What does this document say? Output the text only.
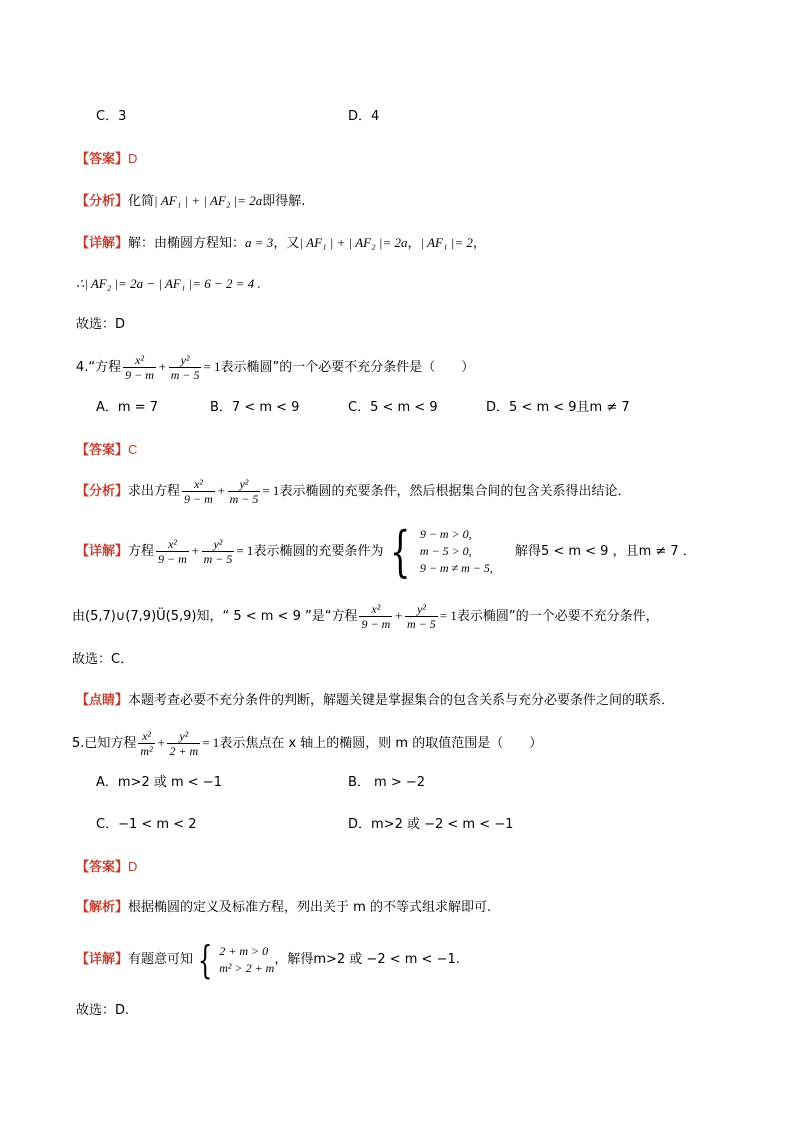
C．3	D．4
【答案】D
【分析】化简| AF₁ | + | AF₂ |= 2a即得解.
【详解】解：由椭圆方程知：a = 3，又| AF₁ | + | AF₂ |= 2a，| AF₁ |= 2，
∴| AF₂ |= 2a − | AF₁ |= 6 − 2 = 4 .
故选：D
4.“方程 $\frac{\text{x²}}{9 - m} + \frac{\text{y²}}{m - 5} = 1$表示椭圆”的一个必要不充分条件是（　　）
A．m = 7	B．7 < m < 9	C．5 < m < 9	D．5 < m < 9且m ≠ 7
【答案】C
【分析】求出方程 $\frac{\text{x²}}{9 - m} + \frac{\text{y²}}{m - 5} = 1$表示椭圆的充要条件，然后根据集合间的包含关系得出结论．
【详解】方程 $\frac{\text{x²}}{9 - m} + \frac{\text{y²}}{m - 5} = 1$表示椭圆的充要条件为 { 9 − m > 0,
m − 5 > 0,
9 − m ≠ m − 5,
解得5 < m < 9 ，且m ≠ 7 ．
由(5,7)∪(7,9)Ü(5,9)知，“ 5 < m < 9 ”是“方程 $\frac{\text{x²}}{9 - m} + \frac{\text{y²}}{m - 5} = 1$表示椭圆”的一个必要不充分条件，
故选：C．
【点睛】本题考查必要不充分条件的判断，解题关键是掌握集合的包含关系与充分必要条件之间的联系．
5.已知方程 $\frac{\text{x²}}{\text{m²}} + \frac{\text{y²}}{2 + m} = 1$表示焦点在 x 轴上的椭圆，则 m 的取值范围是（　　）
A．m>2 或 m < −1	B． m > −2
C．−1 < m < 2	D．m>2 或 −2 < m < −1
【答案】D
【解析】根据椭圆的定义及标准方程，列出关于 m 的不等式组求解即可.
【详解】有题意可知 { 2 + m > 0
m² > 2 + m
，解得m>2 或 −2 < m < −1.
故选：D.
